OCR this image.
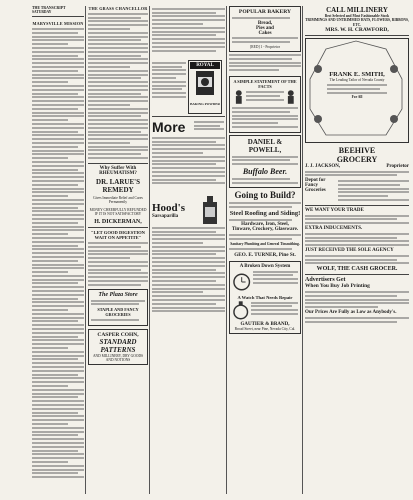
THE TRANSCRIPT
SATURDAY
MARYSVILLE MISSION
THE GRASS CHANCELLOR
Why Suffer With RHEUMATISM?
DR. LARUE'S REMEDY
Gives Immediate Relief and Cures Permanently
MONEY CHEERFULLY REFUNDED IF IT IS NOT SATISFACTORY
H. DICKERMAN,
"LET GOOD DIGESTION WAIT ON APPETITE"
The Plaza Store
STAPLE AND FANCY GROCERIES
CASPER COHN,
STANDARD PATTERNS
AND MILLINERY, DRY GOODS AND NOTIONS
ROYAL
BAKING POWDER
More
Hood's
Sarsaparilla
POPULAR BAKERY
Bread,
Pies and
Cakes
[RED] 1 - Proprietor
A SIMPLE STATEMENT OF THE FACTS
DANIEL & POWELL,
Buffalo Beer.
Going to Build?
Steel Roofing and Siding!
Hardware, Iron, Steel,
Tinware, Crockery, Glassware.
Sanitary Plumbing and General Tinsmithing.
GEO. E. TURNER, Pine St.
A Broken Down System
A Watch That Needs Repair
GAUTIER & BRAND,
Broad Street, near Pine, Nevada City, Cal.
CALL MILLINERY
Best Selected and Most Fashionable Stock
TRIMMINGS AND UNTRIMMED HATS, FLOWERS, RIBBONS, ETC.
MRS. W. H. CRAWFORD,
FRANK E. SMITH,
The Leading Tailor of Nevada County
For All
BEEHIVE
GROCERY
J. J. JACKSON,	Proprietor
Depot for
Fancy Groceries
WE WANT YOUR TRADE
EXTRA INDUCEMENTS.
JUST RECEIVED THE SOLE AGENCY
WOLF, THE CASH GROCER.
Advertisers Get
When You Buy Job Printing
Our Prices Are Fully as Low as Anybody's.
